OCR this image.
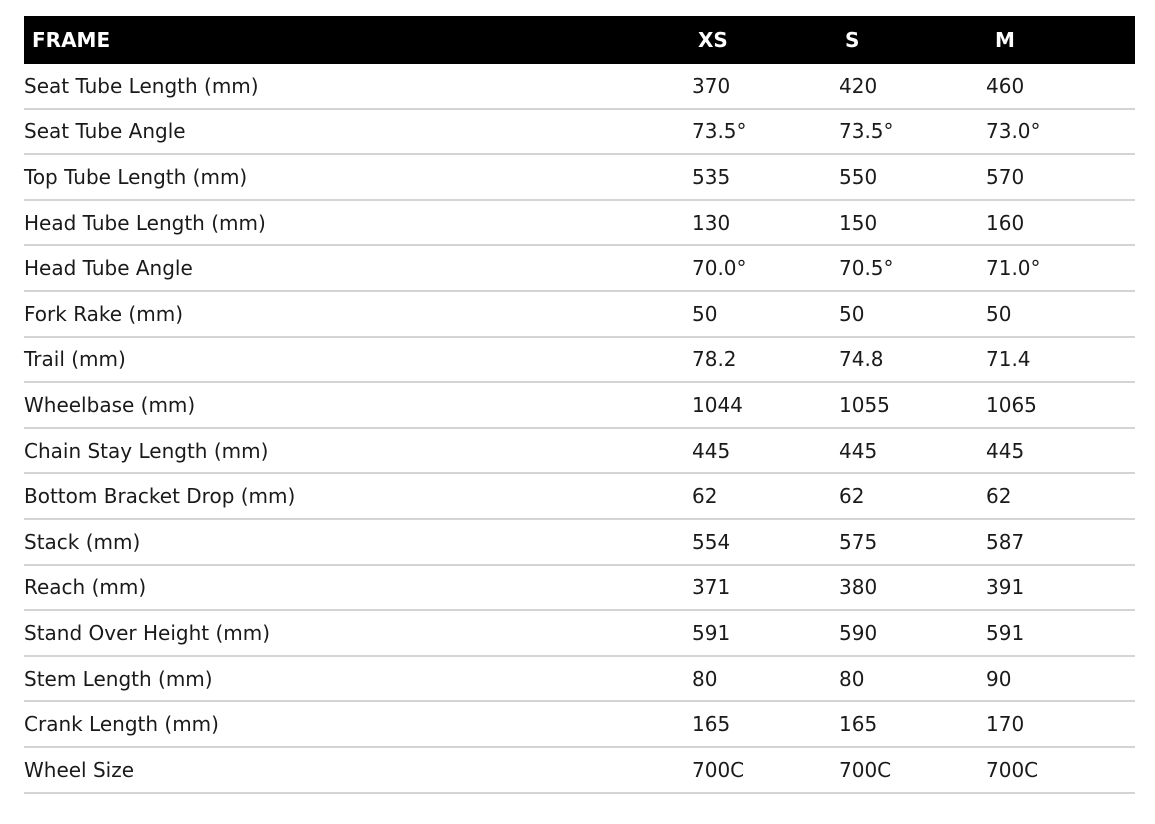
FRAME	XS	S	M
Seat Tube Length (mm)	370	420	460
Seat Tube Angle	73.5°	73.5°	73.0°
Top Tube Length (mm)	535	550	570
Head Tube Length (mm)	130	150	160
Head Tube Angle	70.0°	70.5°	71.0°
Fork Rake (mm)	50	50	50
Trail (mm)	78.2	74.8	71.4
Wheelbase (mm)	1044	1055	1065
Chain Stay Length (mm)	445	445	445
Bottom Bracket Drop (mm)	62	62	62
Stack (mm)	554	575	587
Reach (mm)	371	380	391
Stand Over Height (mm)	591	590	591
Stem Length (mm)	80	80	90
Crank Length (mm)	165	165	170
Wheel Size	700C	700C	700C
